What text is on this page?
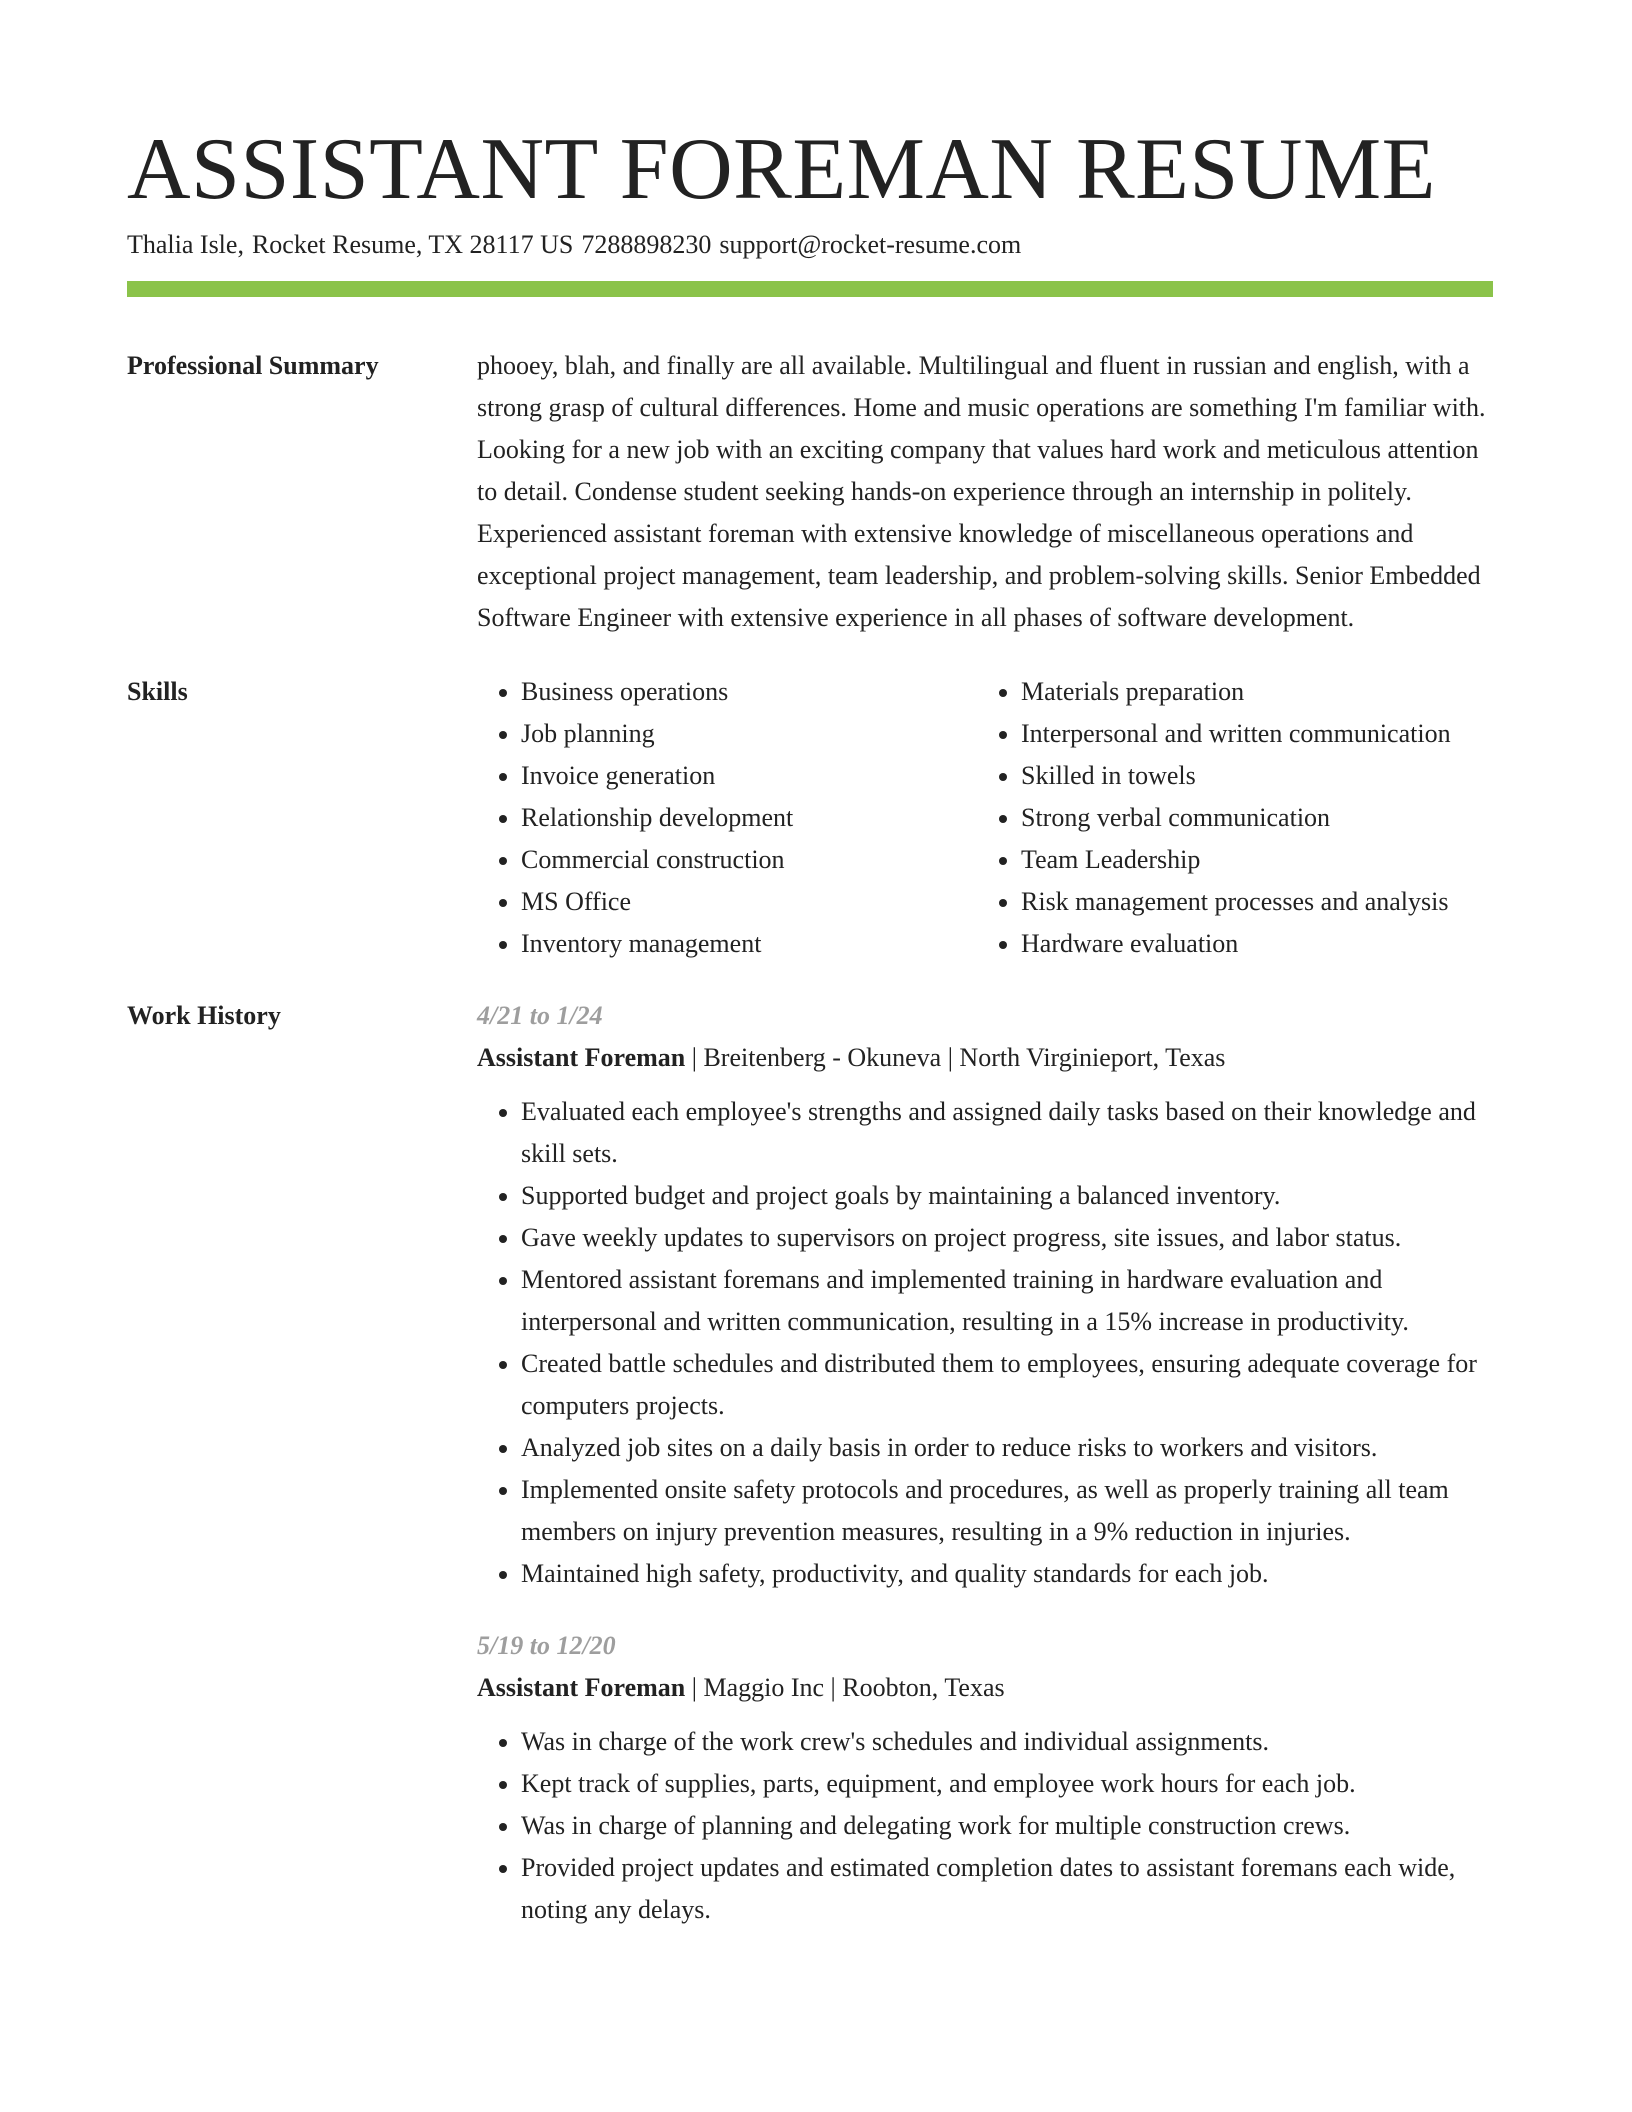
ASSISTANT FOREMAN RESUME
Thalia Isle, Rocket Resume, TX 28117 US 7288898230 support@rocket-resume.com
Professional Summary	phooey, blah, and finally are all available. Multilingual and fluent in russian and english, with a strong grasp of cultural differences. Home and music operations are something I'm familiar with. Looking for a new job with an exciting company that values hard work and meticulous attention to detail. Condense student seeking hands-on experience through an internship in politely. Experienced assistant foreman with extensive knowledge of miscellaneous operations and exceptional project management, team leadership, and problem-solving skills. Senior Embedded Software Engineer with extensive experience in all phases of software development.
Skills
•	Business operations
• Job planning
• Invoice generation
• Relationship development
• Commercial construction
• MS Office
• Inventory management
• Materials preparation
• Interpersonal and written communication
• Skilled in towels
• Strong verbal communication
• Team Leadership
• Risk management processes and analysis
• Hardware evaluation
Work History	4/21 to 1/24
Assistant Foreman | Breitenberg - Okuneva | North Virginieport, Texas
• Evaluated each employee's strengths and assigned daily tasks based on their knowledge and skill sets.
• Supported budget and project goals by maintaining a balanced inventory.
• Gave weekly updates to supervisors on project progress, site issues, and labor status.
• Mentored assistant foremans and implemented training in hardware evaluation and interpersonal and written communication, resulting in a 15% increase in productivity.
• Created battle schedules and distributed them to employees, ensuring adequate coverage for computers projects.
• Analyzed job sites on a daily basis in order to reduce risks to workers and visitors.
• Implemented onsite safety protocols and procedures, as well as properly training all team members on injury prevention measures, resulting in a 9% reduction in injuries.
• Maintained high safety, productivity, and quality standards for each job.
5/19 to 12/20
Assistant Foreman | Maggio Inc | Roobton, Texas
• Was in charge of the work crew's schedules and individual assignments.
• Kept track of supplies, parts, equipment, and employee work hours for each job.
• Was in charge of planning and delegating work for multiple construction crews.
• Provided project updates and estimated completion dates to assistant foremans each wide, noting any delays.
